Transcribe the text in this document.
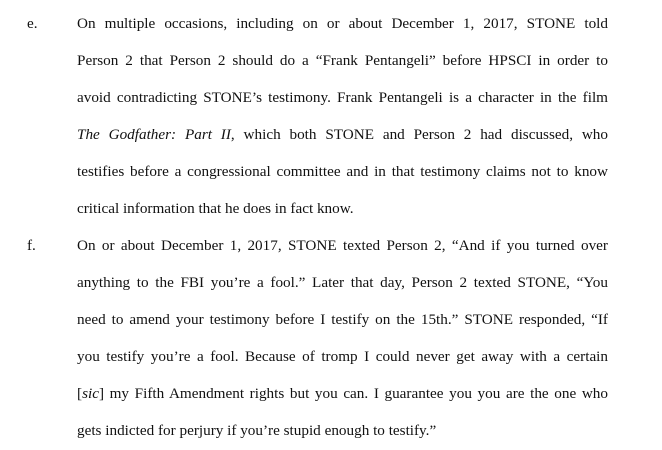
e.	On multiple occasions, including on or about December 1, 2017, STONE told
Person 2 that Person 2 should do a “Frank Pentangeli” before HPSCI in order to
avoid contradicting STONE’s testimony. Frank Pentangeli is a character in the film
The Godfather: Part II, which both STONE and Person 2 had discussed, who
testifies before a congressional committee and in that testimony claims not to know
critical information that he does in fact know.
f.	On or about December 1, 2017, STONE texted Person 2, “And if you turned over
anything to the FBI you’re a fool.” Later that day, Person 2 texted STONE, “You
need to amend your testimony before I testify on the 15th.” STONE responded, “If
you testify you’re a fool. Because of tromp I could never get away with a certain
[sic] my Fifth Amendment rights but you can. I guarantee you you are the one who
gets indicted for perjury if you’re stupid enough to testify.”
